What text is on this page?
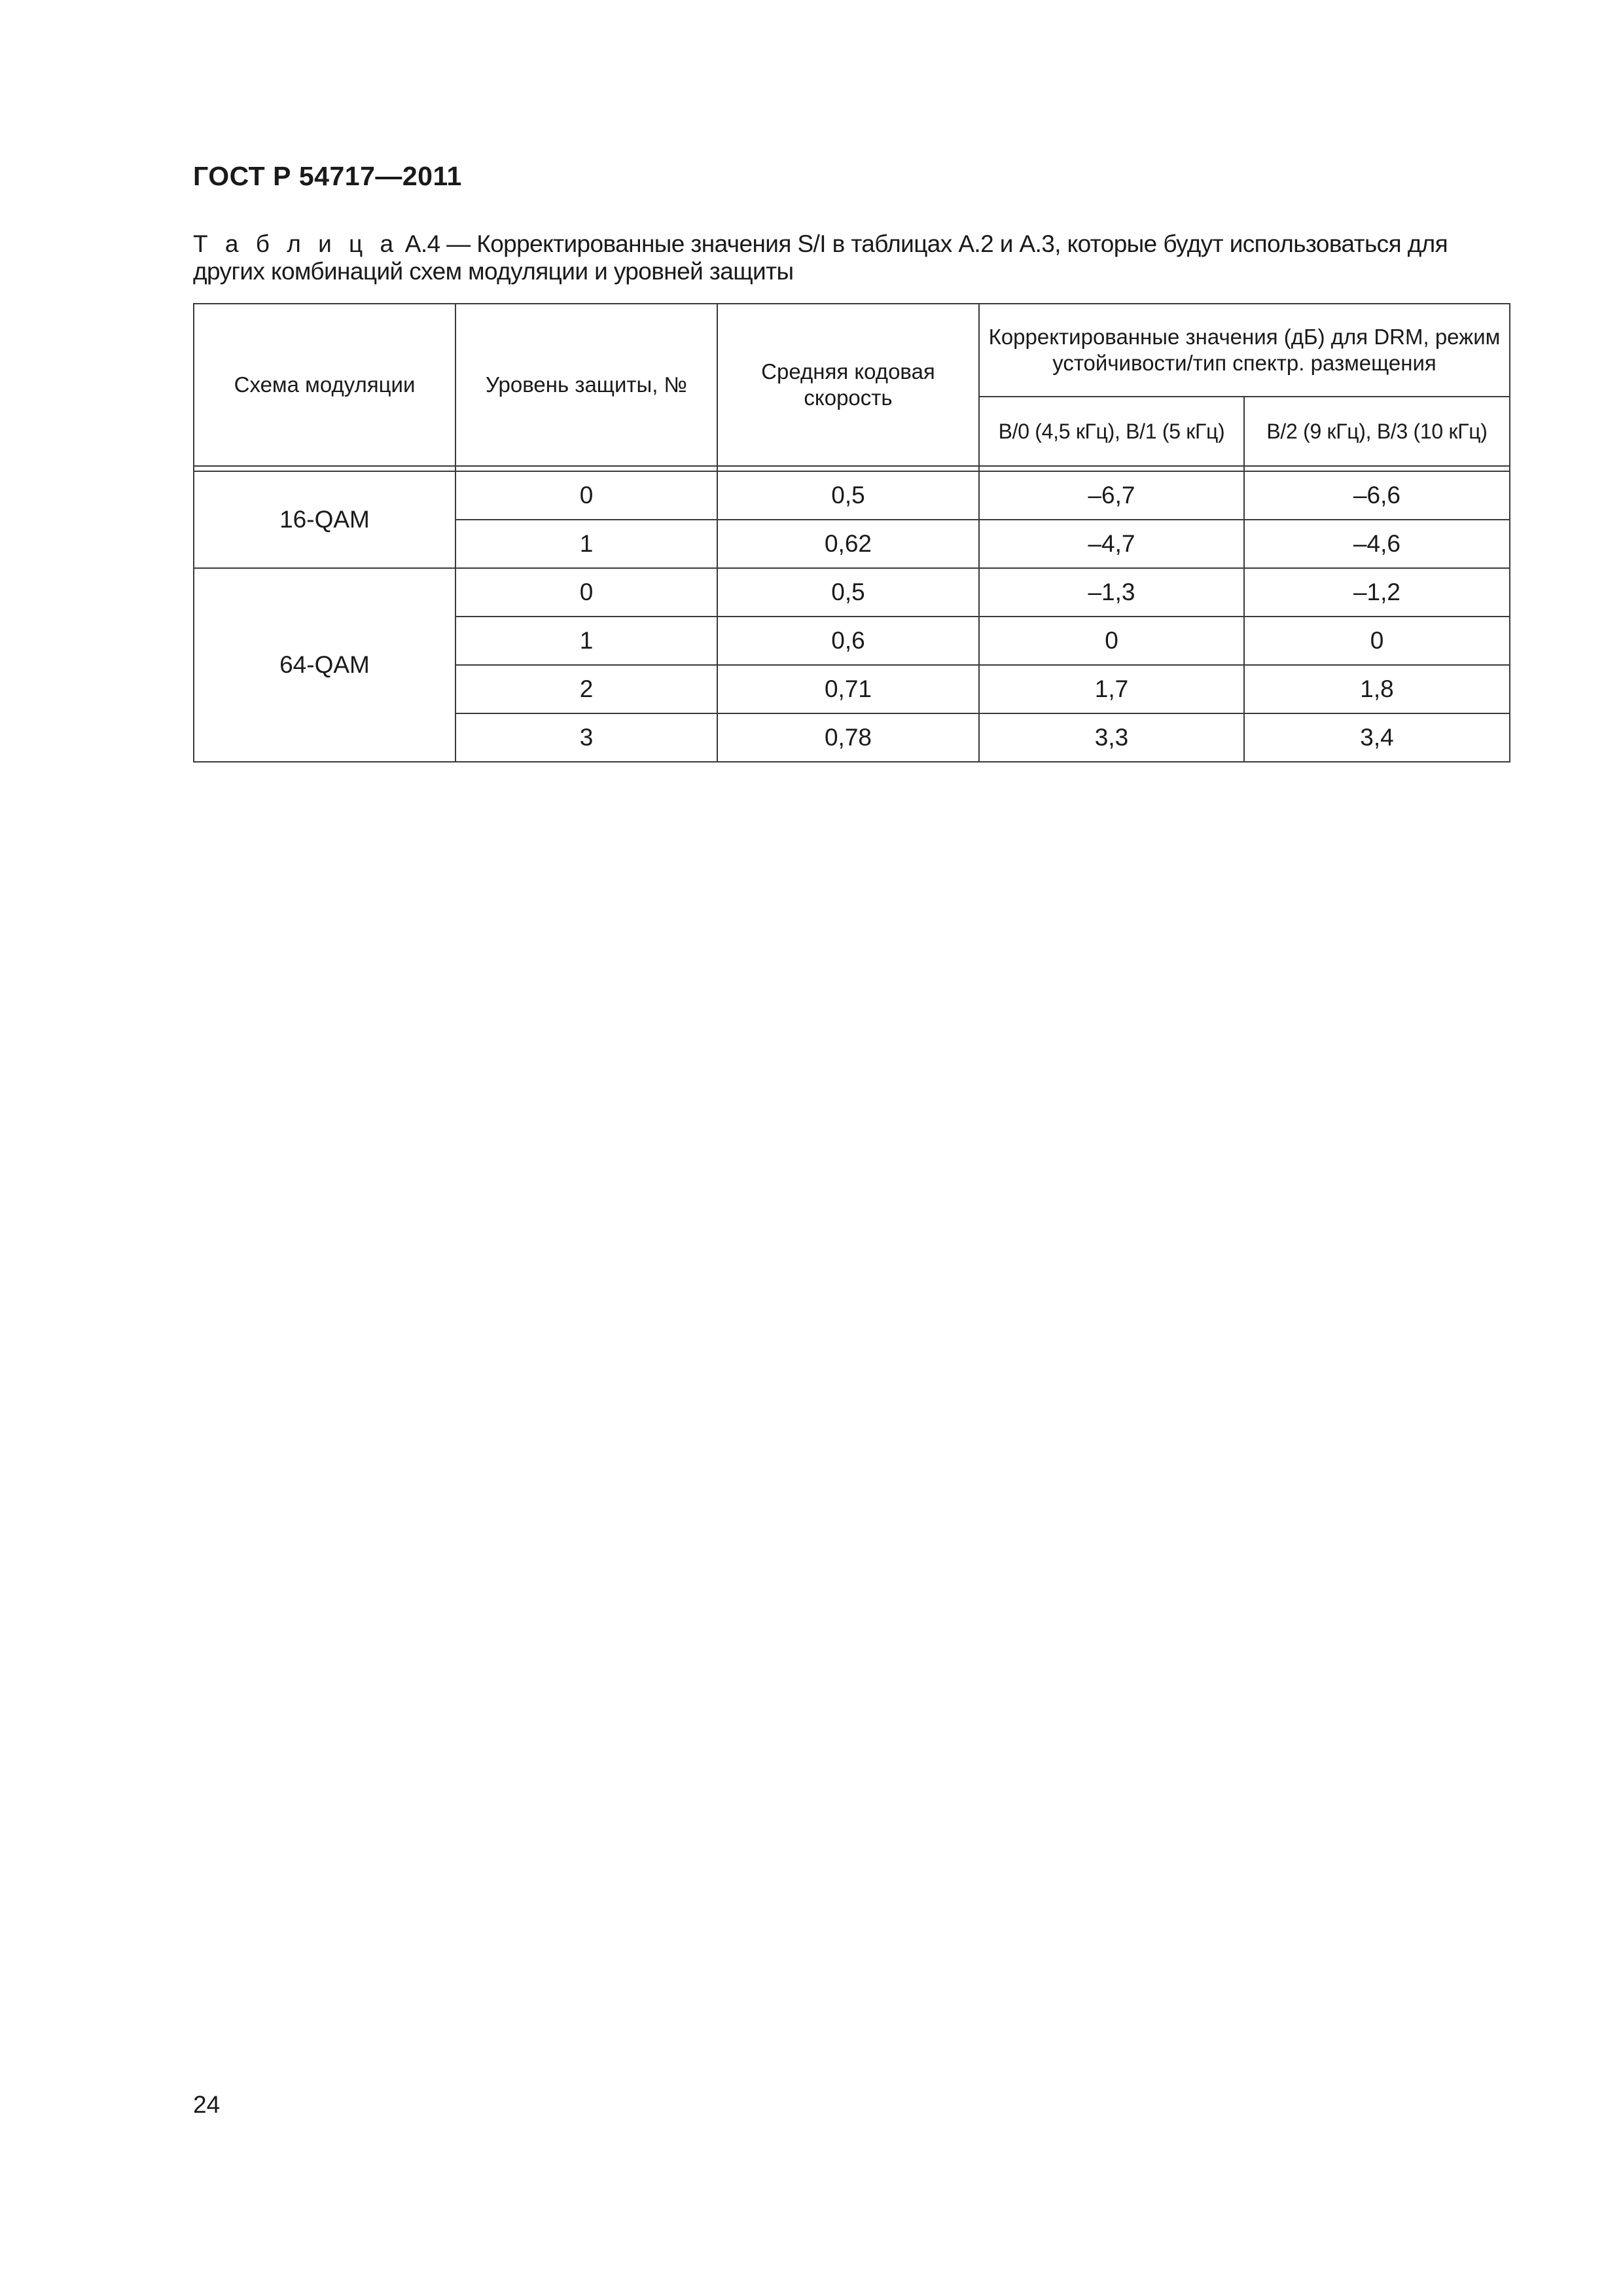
ГОСТ Р 54717—2011
Т а б л и ц а А.4 — Корректированные значения S/I в таблицах А.2 и А.3, которые будут использоваться для других комбинаций схем модуляции и уровней защиты
Схема модуляции	Уровень защиты, №	Средняя кодовая скорость	Корректированные значения (дБ) для DRM, режим устойчивости/тип спектр. размещения	
			B/0 (4,5 кГц), B/1 (5 кГц)	B/2 (9 кГц), B/3 (10 кГц)

16-QAM	0	0,5	–6,7	–6,6
	1	0,62	–4,7	–4,6
64-QAM	0	0,5	–1,3	–1,2
	1	0,6	0	0
	2	0,71	1,7	1,8
	3	0,78	3,3	3,4
24
